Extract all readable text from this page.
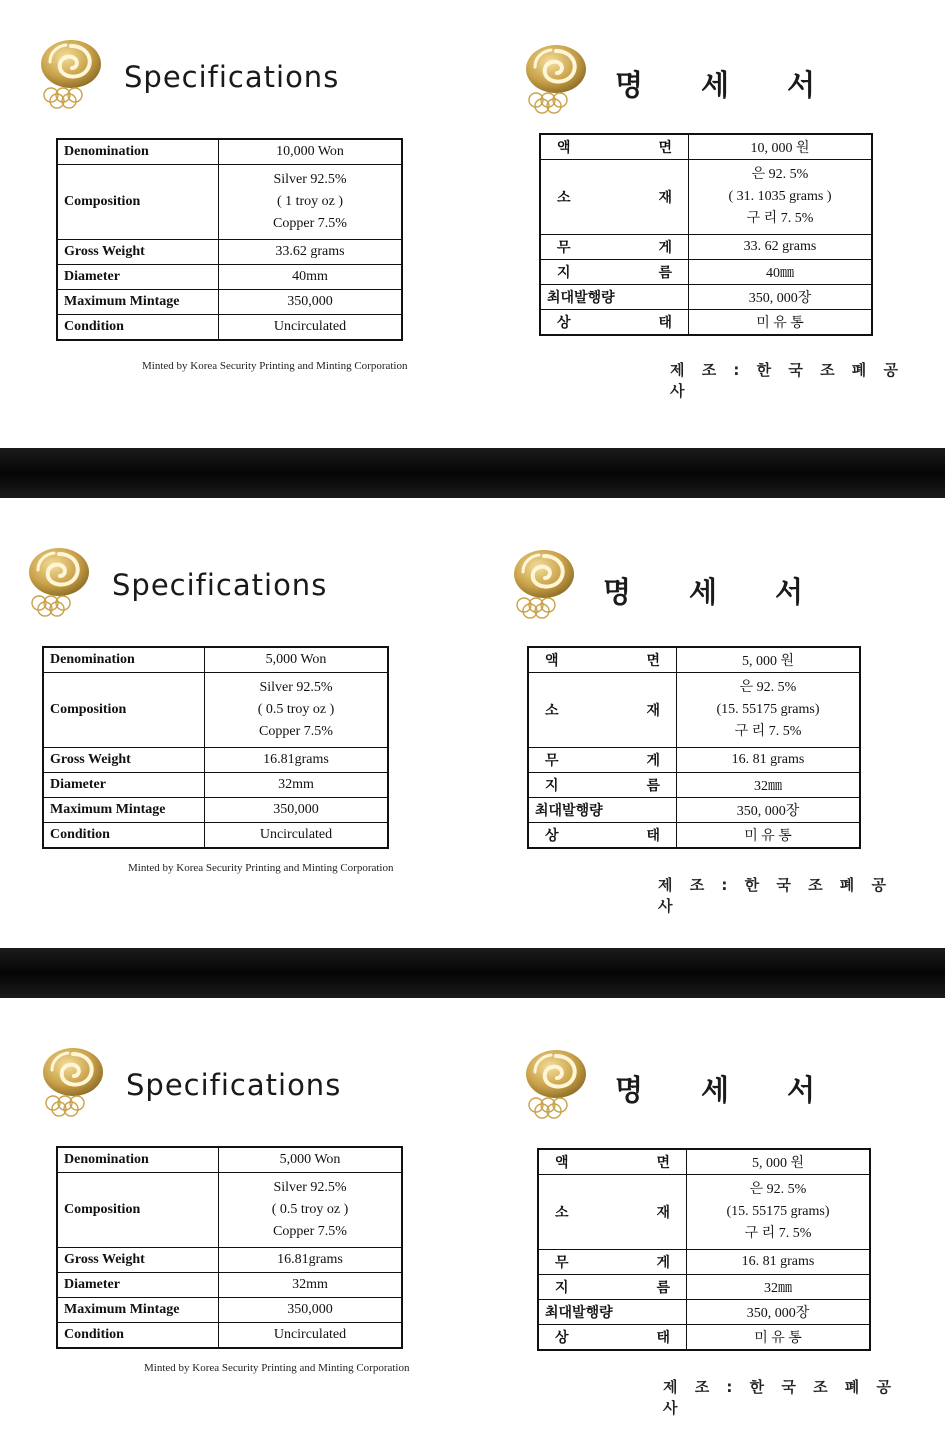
Specifications
Denomination	10,000 Won
Composition	Silver 92.5%
( 1 troy oz )
Copper 7.5%

Gross Weight	33.62 grams
Diameter	40mm
Maximum Mintage	350,000
Condition	Uncirculated
Minted by Korea Security Printing and Minting Corporation
명 세 서
액 면	10, 000 원

소 재	은 92. 5%
( 31. 1035 grams )
구 리 7. 5%

무 게	33. 62 grams

지 름	40㎜
최대발행량	350, 000장

상 태	미 유 통
제 조 : 한 국 조 폐 공 사
Specifications
Denomination	5,000 Won
Composition	Silver 92.5%
( 0.5 troy oz )
Copper 7.5%

Gross Weight	16.81grams
Diameter	32mm
Maximum Mintage	350,000
Condition	Uncirculated
Minted by Korea Security Printing and Minting Corporation
명 세 서
액 면	5, 000 원

소 재	은 92. 5%
(15. 55175 grams)
구 리 7. 5%

무 게	16. 81 grams

지 름	32㎜
최대발행량	350, 000장

상 태	미 유 통
제 조 : 한 국 조 폐 공 사
Specifications
Denomination	5,000 Won
Composition	Silver 92.5%
( 0.5 troy oz )
Copper 7.5%

Gross Weight	16.81grams
Diameter	32mm
Maximum Mintage	350,000
Condition	Uncirculated
Minted by Korea Security Printing and Minting Corporation
명 세 서
액 면	5, 000 원

소 재	은 92. 5%
(15. 55175 grams)
구 리 7. 5%

무 게	16. 81 grams

지 름	32㎜
최대발행량	350, 000장

상 태	미 유 통
제 조 : 한 국 조 폐 공 사
